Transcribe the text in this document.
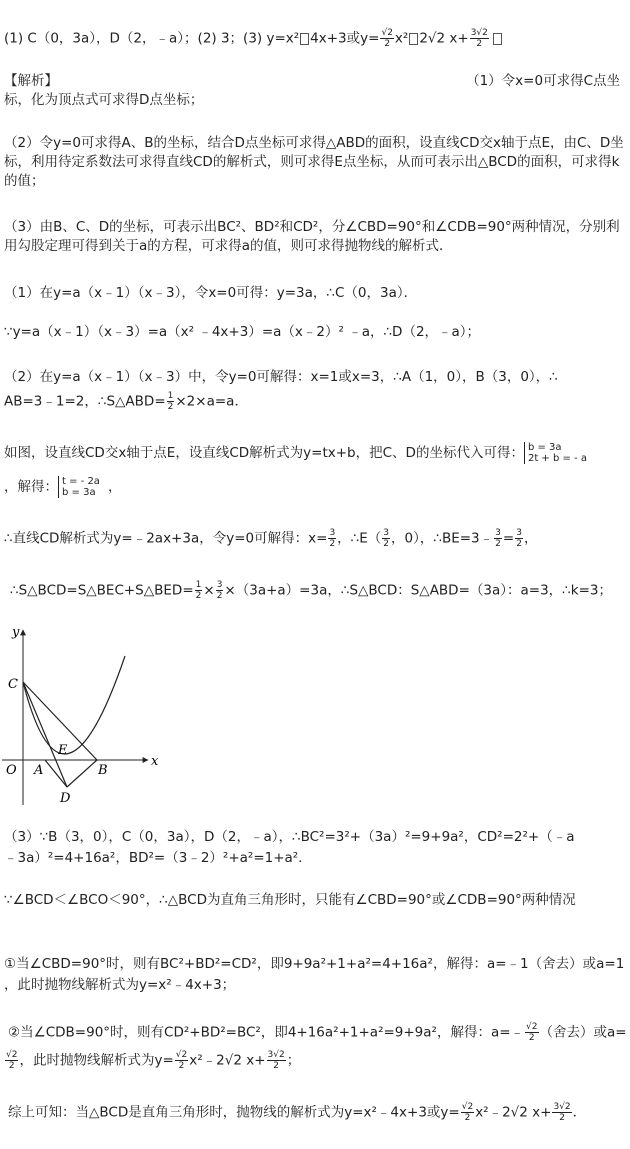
(1) C（0，3a），D（2，﹣a）；(2) 3；(3) y=x² 4x+3或$y= \frac{√2}{2} x^2$ 2√2 $x+ \frac{3√2}{2}$
【解析】	（1）令x=0可求得C点坐
标，化为顶点式可求得D点坐标；
（2）令y=0可求得A、B的坐标，结合D点坐标可求得△ABD的面积，设直线CD交x轴于点E，由C、D坐标，利用待定系数法可求得直线CD的解析式，则可求得E点坐标，从而可表示出△BCD的面积，可求得k的值；
（3）由B、C、D的坐标，可表示出BC²、BD²和CD²，分∠CBD=90°和∠CDB=90°两种情况，分别利用勾股定理可得到关于a的方程，可求得a的值，则可求得抛物线的解析式．
（1）在y=a（x﹣1）（x﹣3），令x=0可得：y=3a，∴C（0，3a）．
∵y=a（x﹣1）（x﹣3）=a（x² ﹣4x+3）=a（x﹣2）² ﹣a，∴D（2，﹣a）；
（2）在y=a（x﹣1）（x﹣3）中，令y=0可解得：x=1或x=3，∴A（1，0），B（3，0），∴
AB=3﹣1=2，∴S△ABD= $\frac{1}{2} \times 2\times a=a$．
如图，设直线CD交x轴于点E，设直线CD解析式为y=tx+b，把C、D的坐标代入可得： b = 3a
2t + b = - a
，解得： t = - 2a
b = 3a ，
∴直线CD解析式为y=﹣2ax+3a，令y=0可解得：$x= \frac{3}{2}$ ，∴E（ $\frac{3}{2}$ ，0），∴BE=3﹣ $\frac{3}{2} = \frac{3}{2}$ ，
∴S△BCD=S△BEC+S△BED= $\frac{1}{2} \times \frac{3}{2} \times(3a+a)=3a$，∴S△BCD：S△ABD=（3a）：a=3，∴k=3；
y
x
O A	B
C
E
D
（3）∵B（3，0），C（0，3a），D（2，﹣a），∴BC²=3²+（3a）²=9+9a²，CD²=2²+（﹣a
﹣3a）²=4+16a²，BD²=（3﹣2）²+a²=1+a²．
∵∠BCD＜∠BCO＜90°，∴△BCD为直角三角形时，只能有∠CBD=90°或∠CDB=90°两种情况
①当∠CBD=90°时，则有BC²+BD²=CD²，即9+9a²+1+a²=4+16a²，解得：a=﹣1（舍去）或a=1
，此时抛物线解析式为y=x²﹣4x+3；
②当∠CDB=90°时，则有CD²+BD²=BC²，即4+16a²+1+a²=9+9a²，解得：a=﹣ $\frac{√2}{2}$ （舍去）或a=
$\frac{√2}{2}$ ，此时抛物线解析式为$y= \frac{√2}{2}$ x²﹣2√2 $x+ \frac{3√2}{2}$ ；
综上可知：当△BCD是直角三角形时，抛物线的解析式为y=x²﹣4x+3或$y= \frac{√2}{2}$ x²﹣2√2 $x+ \frac{3√2}{2}$ ．
